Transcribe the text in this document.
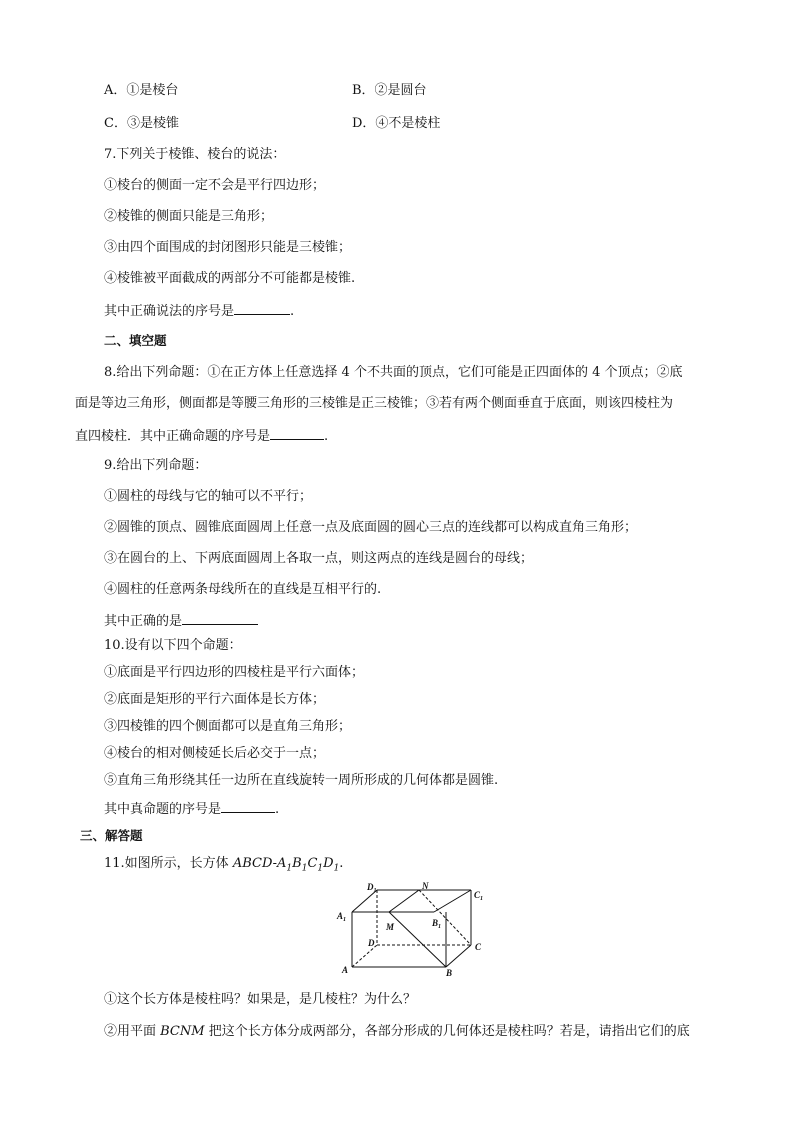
A．①是棱台	B．②是圆台
C．③是棱锥	D．④不是棱柱
7.下列关于棱锥、棱台的说法：
①棱台的侧面一定不会是平行四边形；
②棱锥的侧面只能是三角形；
③由四个面围成的封闭图形只能是三棱锥；
④棱锥被平面截成的两部分不可能都是棱锥.
其中正确说法的序号是	.
二、填空题
8.给出下列命题：①在正方体上任意选择 4 个不共面的顶点，它们可能是正四面体的 4 个顶点；②底
面是等边三角形，侧面都是等腰三角形的三棱锥是正三棱锥；③若有两个侧面垂直于底面，则该四棱柱为
直四棱柱．其中正确命题的序号是	.
9.给出下列命题：
①圆柱的母线与它的轴可以不平行；
②圆锥的顶点、圆锥底面圆周上任意一点及底面圆的圆心三点的连线都可以构成直角三角形；
③在圆台的上、下两底面圆周上各取一点，则这两点的连线是圆台的母线；
④圆柱的任意两条母线所在的直线是互相平行的.
其中正确的是
10.设有以下四个命题：
①底面是平行四边形的四棱柱是平行六面体；
②底面是矩形的平行六面体是长方体；
③四棱锥的四个侧面都可以是直角三角形；
④棱台的相对侧棱延长后必交于一点；
⑤直角三角形绕其任一边所在直线旋转一周所形成的几何体都是圆锥.
其中真命题的序号是	.
三、解答题
11.如图所示，长方体 ABCD-$A_1B_1C_1D_1$.
$D_1$	N
$C_1$
$A_1$
M	$B_1$
D	C
A	B
①这个长方体是棱柱吗？如果是，是几棱柱？为什么？
②用平面 BCNM 把这个长方体分成两部分，各部分形成的几何体还是棱柱吗？若是，请指出它们的底
